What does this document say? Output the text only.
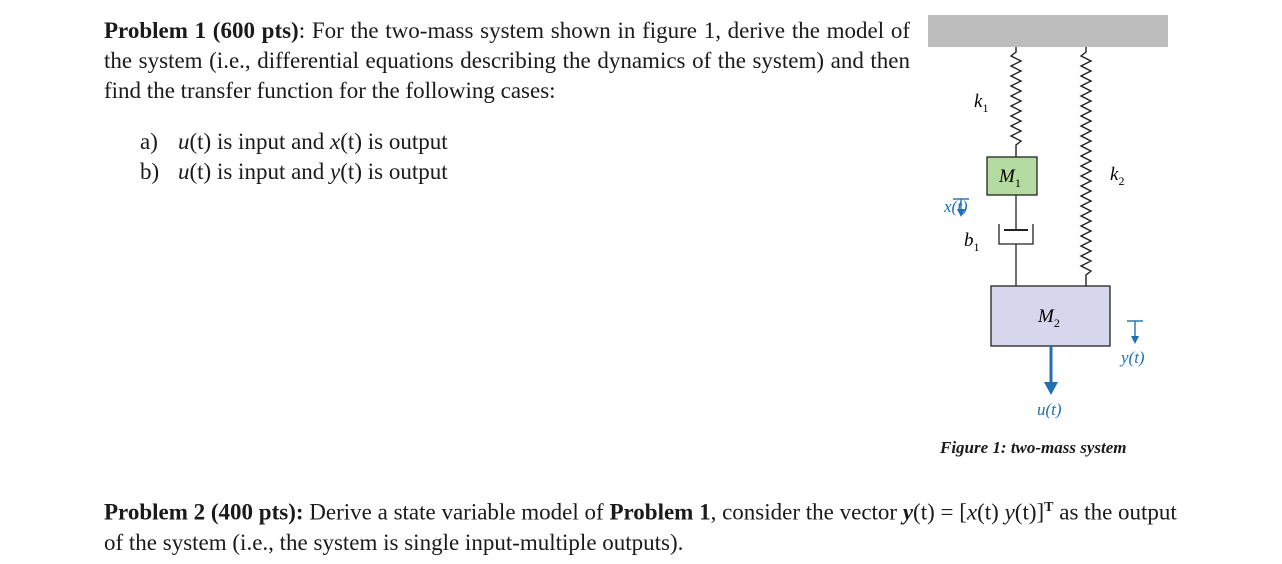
Problem 1 (600 pts): For the two-mass system shown in figure 1, derive the model of the system (i.e., differential equations describing the dynamics of the system) and then find the transfer function for the following cases:
a) u(t) is input and x(t) is output
b) u(t) is input and y(t) is output
$k_1$
$M_1$
x(t)
$b_1$
$k_2$
$M_2$
y(t)
u(t)
Figure 1: two-mass system
Problem 2 (400 pts): Derive a state variable model of Problem 1, consider the vector y(t) = [x(t) y(t)]$^T$ as the output of the system (i.e., the system is single input-multiple outputs).
